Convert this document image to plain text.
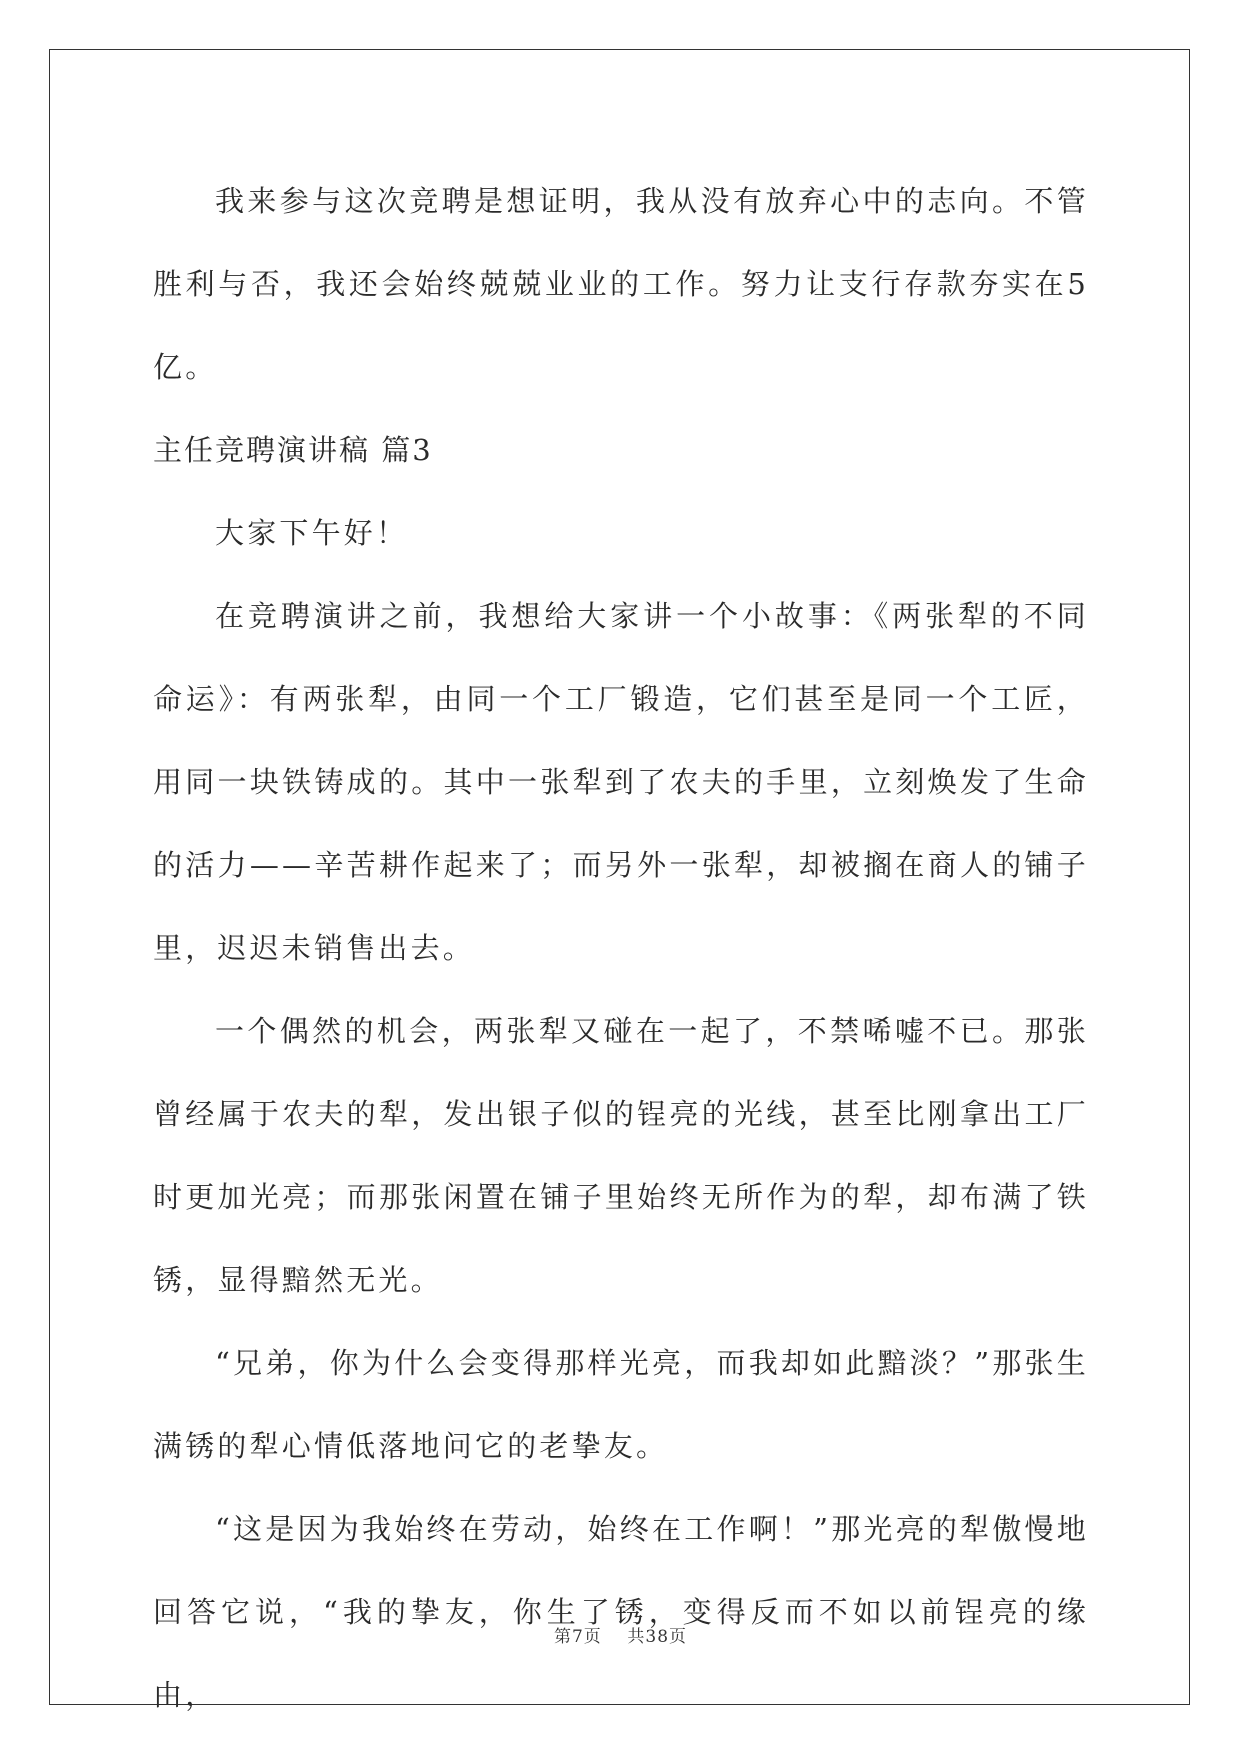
我来参与这次竞聘是想证明，我从没有放弃心中的志向。不管胜利与否，我还会始终兢兢业业的工作。努力让支行存款夯实在5亿。

主任竞聘演讲稿 篇3

大家下午好！

在竞聘演讲之前，我想给大家讲一个小故事：《两张犁的不同命运》：有两张犁，由同一个工厂锻造，它们甚至是同一个工匠，用同一块铁铸成的。其中一张犁到了农夫的手里，立刻焕发了生命的活力——辛苦耕作起来了；而另外一张犁，却被搁在商人的铺子里，迟迟未销售出去。

一个偶然的机会，两张犁又碰在一起了，不禁唏嘘不已。那张曾经属于农夫的犁，发出银子似的锃亮的光线，甚至比刚拿出工厂时更加光亮；而那张闲置在铺子里始终无所作为的犁，却布满了铁锈，显得黯然无光。

“兄弟，你为什么会变得那样光亮，而我却如此黯淡？”那张生满锈的犁心情低落地问它的老挚友。

“这是因为我始终在劳动，始终在工作啊！”那光亮的犁傲慢地回答它说，“我的挚友，你生了锈，变得反而不如以前锃亮的缘由，

第7页 共38页
